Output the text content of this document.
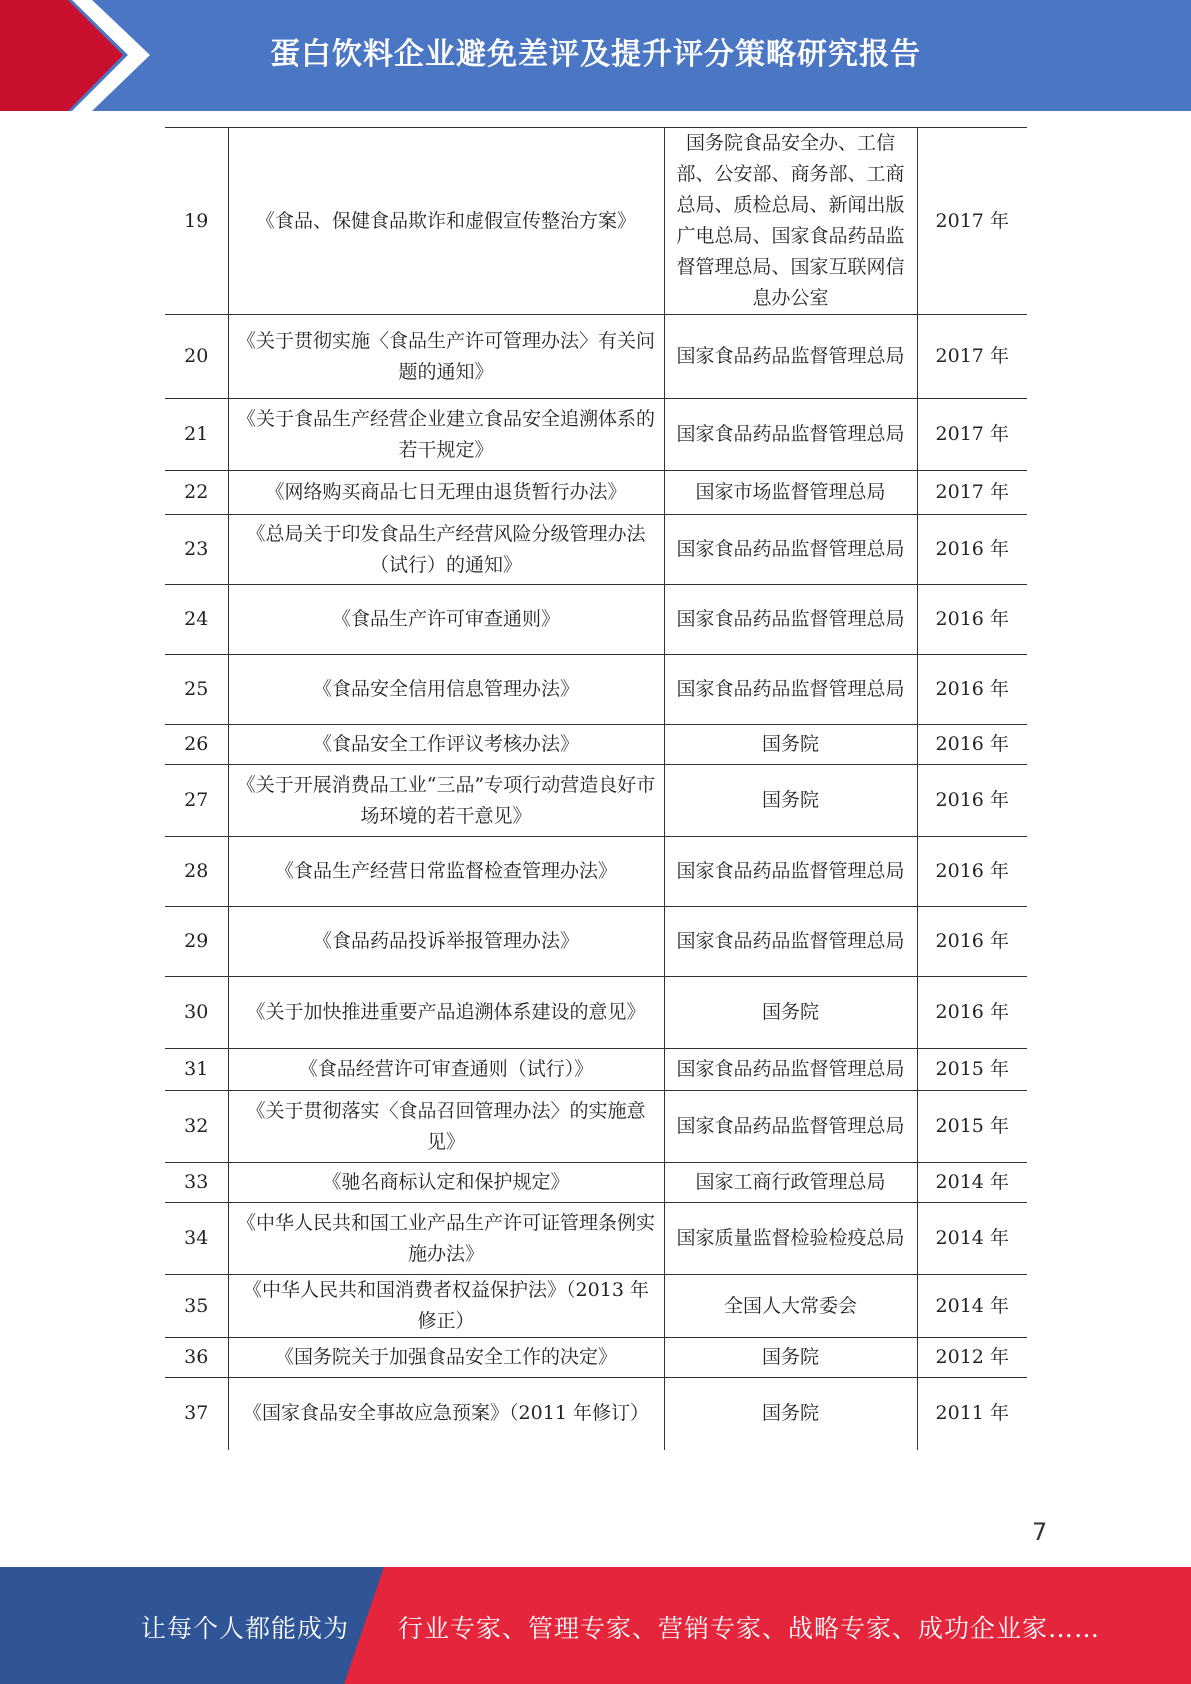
蛋白饮料企业避免差评及提升评分策略研究报告
19	《食品、保健食品欺诈和虚假宣传整治方案》	国务院食品安全办、工信部、公安部、商务部、工商总局、质检总局、新闻出版广电总局、国家食品药品监督管理总局、国家互联网信息办公室	2017 年
20	《关于贯彻实施〈食品生产许可管理办法〉有关问题的通知》	国家食品药品监督管理总局	2017 年
21	《关于食品生产经营企业建立食品安全追溯体系的若干规定》	国家食品药品监督管理总局	2017 年
22	《网络购买商品七日无理由退货暂行办法》	国家市场监督管理总局	2017 年
23	《总局关于印发食品生产经营风险分级管理办法（试行）的通知》	国家食品药品监督管理总局	2016 年
24	《食品生产许可审查通则》	国家食品药品监督管理总局	2016 年
25	《食品安全信用信息管理办法》	国家食品药品监督管理总局	2016 年
26	《食品安全工作评议考核办法》	国务院	2016 年
27	《关于开展消费品工业“三品”专项行动营造良好市场环境的若干意见》	国务院	2016 年
28	《食品生产经营日常监督检查管理办法》	国家食品药品监督管理总局	2016 年
29	《食品药品投诉举报管理办法》	国家食品药品监督管理总局	2016 年
30	《关于加快推进重要产品追溯体系建设的意见》	国务院	2016 年
31	《食品经营许可审查通则（试行）》	国家食品药品监督管理总局	2015 年
32	《关于贯彻落实〈食品召回管理办法〉的实施意见》	国家食品药品监督管理总局	2015 年
33	《驰名商标认定和保护规定》	国家工商行政管理总局	2014 年
34	《中华人民共和国工业产品生产许可证管理条例实施办法》	国家质量监督检验检疫总局	2014 年
35	《中华人民共和国消费者权益保护法》（2013 年修正）	全国人大常委会	2014 年
36	《国务院关于加强食品安全工作的决定》	国务院	2012 年
37	《国家食品安全事故应急预案》（2011 年修订）	国务院	2011 年
7
让每个人都能成为 行业专家、管理专家、营销专家、战略专家、成功企业家……
